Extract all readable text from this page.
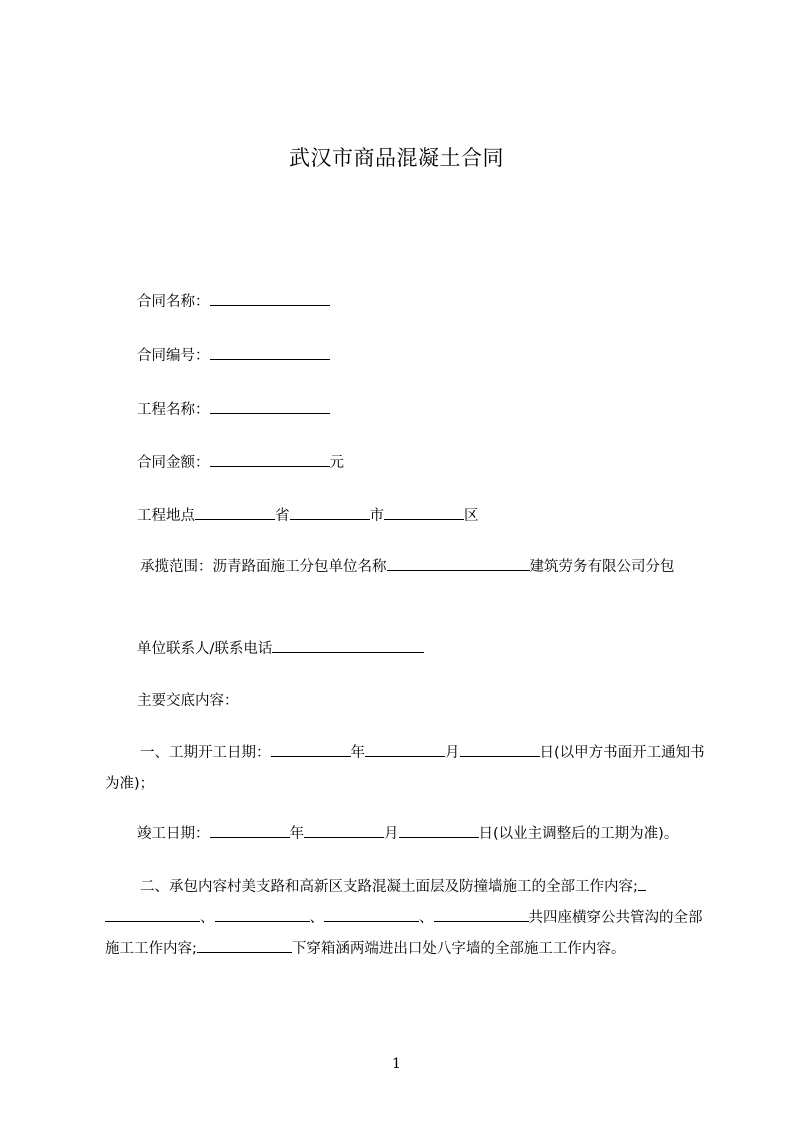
武汉市商品混凝土合同
合同名称：
合同编号：
工程名称：
合同金额：	元
工程地点	省	市	区
承揽范围：沥青路面施工分包单位名称	建筑劳务有限公司分包
单位联系人/联系电话
主要交底内容：
一、工期开工日期：	年	月	日(以甲方书面开工通知书为准)；
竣工日期：	年	月	日(以业主调整后的工期为准)。
二、承包内容村美支路和高新区支路混凝土面层及防撞墙施工的全部工作内容;、	、	、	共四座横穿公共管沟的全部施工工作内容;	下穿箱涵两端进出口处八字墙的全部施工工作内容。
1
